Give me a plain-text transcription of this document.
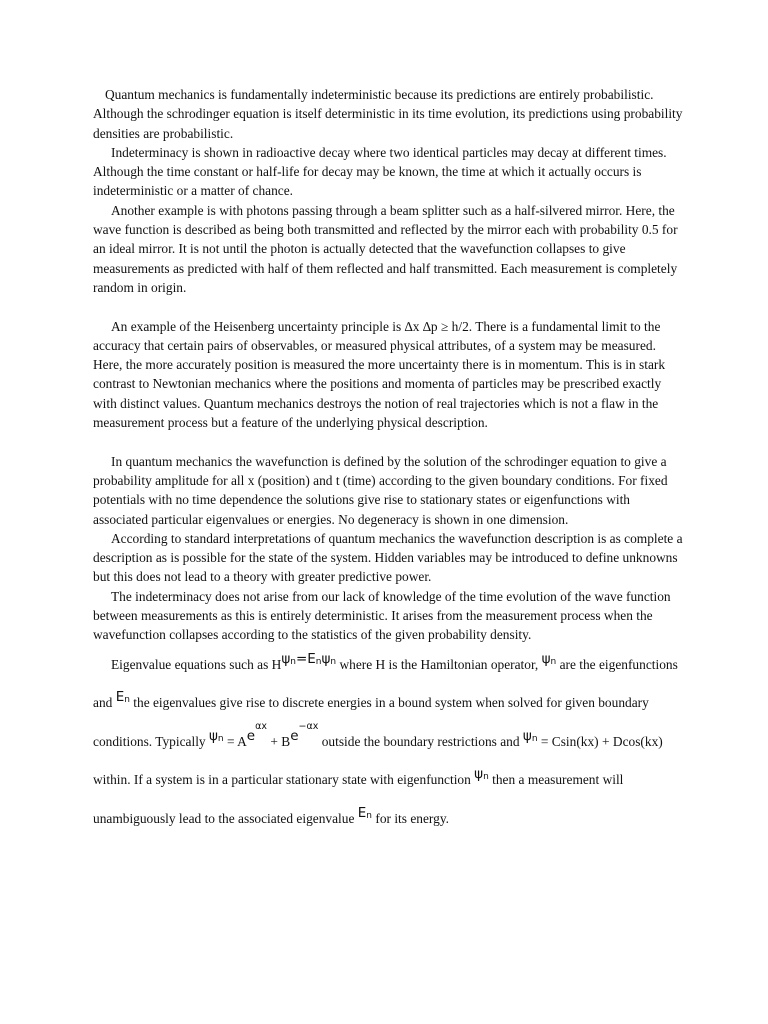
Quantum mechanics is fundamentally indeterministic because its predictions are entirely probabilistic. Although the schrodinger equation is itself deterministic in its time evolution, its predictions using probability densities are probabilistic.

Indeterminacy is shown in radioactive decay where two identical particles may decay at different times. Although the time constant or half-life for decay may be known, the time at which it actually occurs is indeterministic or a matter of chance.

Another example is with photons passing through a beam splitter such as a half-silvered mirror. Here, the wave function is described as being both transmitted and reflected by the mirror each with probability 0.5 for an ideal mirror. It is not until the photon is actually detected that the wavefunction collapses to give measurements as predicted with half of them reflected and half transmitted. Each measurement is completely random in origin.

An example of the Heisenberg uncertainty principle is ∆x ∆p ≥ h/2. There is a fundamental limit to the accuracy that certain pairs of observables, or measured physical attributes, of a system may be measured. Here, the more accurately position is measured the more uncertainty there is in momentum. This is in stark contrast to Newtonian mechanics where the positions and momenta of particles may be prescribed exactly with distinct values. Quantum mechanics destroys the notion of real trajectories which is not a flaw in the measurement process but a feature of the underlying physical description.

In quantum mechanics the wavefunction is defined by the solution of the schrodinger equation to give a probability amplitude for all x (position) and t (time) according to the given boundary conditions. For fixed potentials with no time dependence the solutions give rise to stationary states or eigenfunctions with associated particular eigenvalues or energies. No degeneracy is shown in one dimension.

According to standard interpretations of quantum mechanics the wavefunction description is as complete a description as is possible for the state of the system. Hidden variables may be introduced to define unknowns but this does not lead to a theory with greater predictive power.

The indeterminacy does not arise from our lack of knowledge of the time evolution of the wave function between measurements as this is entirely deterministic. It arises from the measurement process when the wavefunction collapses according to the statistics of the given probability density.

Eigenvalue equations such as Hψn=Enψn where H is the Hamiltonian operator, ψn are the eigenfunctions and En the eigenvalues give rise to discrete energies in a bound system when solved for given boundary conditions. Typically $\psi n = Ae^{\alpha x} + Be^{-\alpha x}$ outside the boundary restrictions and ψn = Csin(kx) + Dcos(kx) within. If a system is in a particular stationary state with eigenfunction ψn then a measurement will unambiguously lead to the associated eigenvalue En for its energy.
